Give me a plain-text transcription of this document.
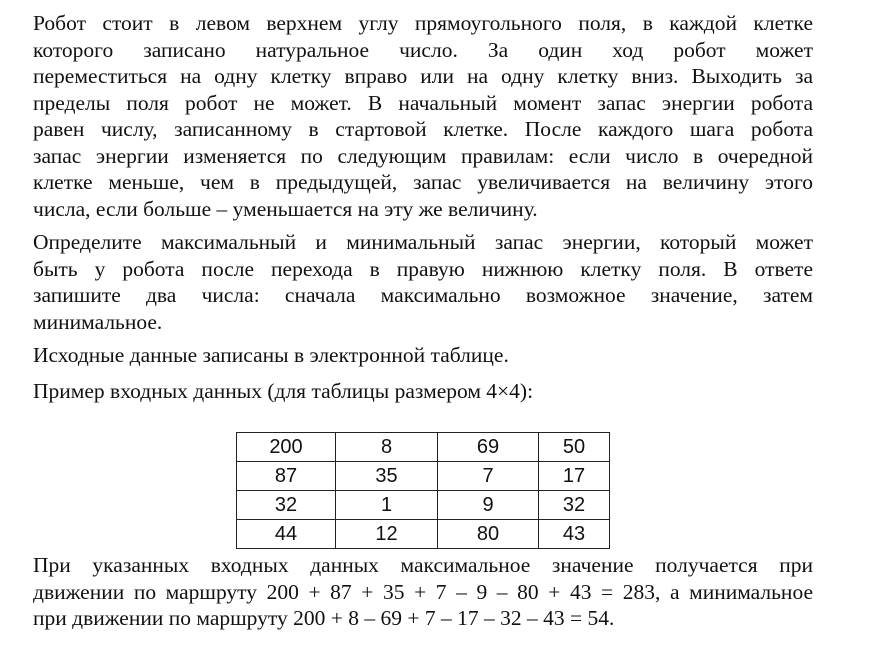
Робот стоит в левом верхнем углу прямоугольного поля, в каждой клетке
которого записано натуральное число. За один ход робот может
переместиться на одну клетку вправо или на одну клетку вниз. Выходить за
пределы поля робот не может. В начальный момент запас энергии робота
равен числу, записанному в стартовой клетке. После каждого шага робота
запас энергии изменяется по следующим правилам: если число в очередной
клетке меньше, чем в предыдущей, запас увеличивается на величину этого
числа, если больше – уменьшается на эту же величину.

Определите максимальный и минимальный запас энергии, который может
быть у робота после перехода в правую нижнюю клетку поля. В ответе
запишите два числа: сначала максимально возможное значение, затем
минимальное.

Исходные данные записаны в электронной таблице.

Пример входных данных (для таблицы размером 4×4):

200	8	69	50
87	35	7	17
32	1	9	32
44	12	80	43

При указанных входных данных максимальное значение получается при
движении по маршруту 200 + 87 + 35 + 7 – 9 – 80 + 43 = 283, а минимальное
при движении по маршруту 200 + 8 – 69 + 7 – 17 – 32 – 43 = 54.
